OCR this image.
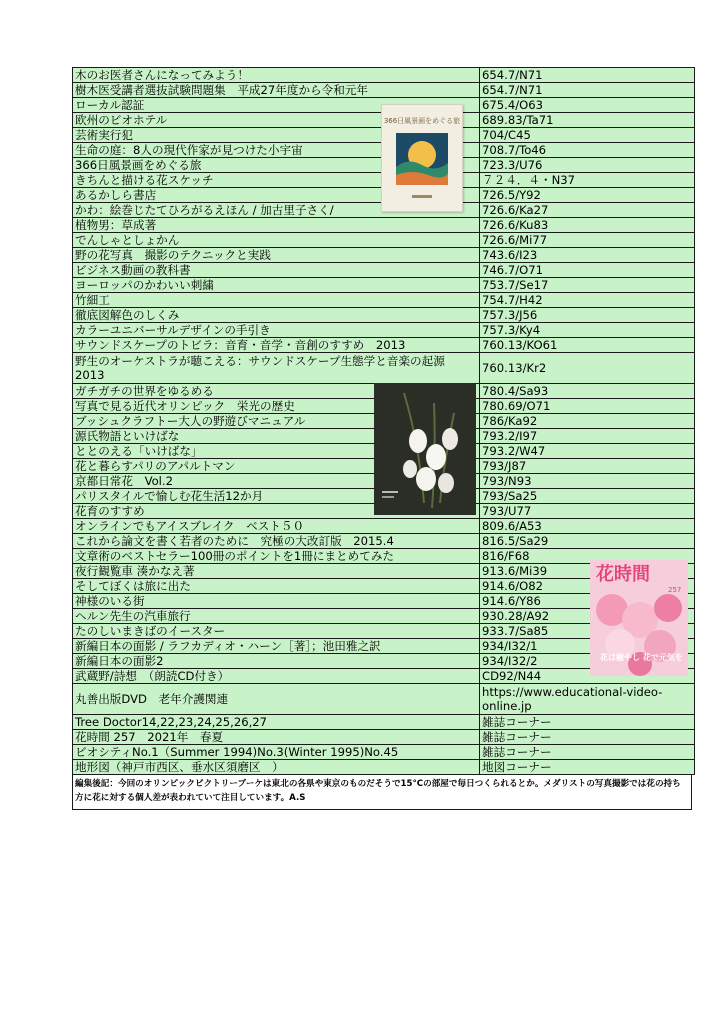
木のお医者さんになってみよう！	654.7/N71
樹木医受講者選抜試験問題集　平成27年度から令和元年	654.7/N71
ローカル認証	675.4/O63
欧州のビオホテル	689.83/Ta71
芸術実行犯	704/C45
生命の庭：8人の現代作家が見つけた小宇宙	708.7/To46
366日風景画をめぐる旅	723.3/U76
きちんと描ける花スケッチ	７２４．４・N37
あるかしら書店	726.5/Y92
かわ：絵巻じたてひろがるえほん / 加古里子さく/	726.6/Ka27
植物男：草成著	726.6/Ku83
でんしゃとしょかん	726.6/Mi77
野の花写真　撮影のテクニックと実践	743.6/I23
ビジネス動画の教科書	746.7/O71
ヨーロッパのかわいい刺繍	753.7/Se17
竹細工	754.7/H42
徹底図解色のしくみ	757.3/J56
カラーユニバーサルデザインの手引き	757.3/Ky4
サウンドスケープのトビラ：音育・音学・音創のすすめ　2013	760.13/KO61
野生のオーケストラが聴こえる：サウンドスケープ生態学と音楽の起源　2013	760.13/Kr2
ガチガチの世界をゆるめる	780.4/Sa93
写真で見る近代オリンピック　栄光の歴史	780.69/O71
ブッシュクラフトー大人の野遊びマニュアル	786/Ka92
源氏物語といけばな	793.2/I97
ととのえる「いけばな」	793.2/W47
花と暮らすパリのアパルトマン	793/J87
京都日常花　Vol.2	793/N93
パリスタイルで愉しむ花生活12か月	793/Sa25
花育のすすめ	793/U77
オンラインでもアイスブレイク　ベスト５０	809.6/A53
これから論文を書く若者のために　究極の大改訂版　2015.4	816.5/Sa29
文章術のベストセラー100冊のポイントを1冊にまとめてみた	816/F68
夜行観覧車 湊かなえ著	913.6/Mi39
そしてぼくは旅に出た	914.6/O82
神様のいる街	914.6/Y86
ヘルン先生の汽車旅行	930.28/A92
たのしいまきばのイースター	933.7/Sa85
新編日本の面影 / ラフカディオ・ハーン［著］；池田雅之訳	934/I32/1
新編日本の面影2	934/I32/2
武蔵野/詩想　（朗読CD付き）	CD92/N44
丸善出版DVD　老年介護関連	https://www.educational-video-online.jp
Tree Doctor14,22,23,24,25,26,27	雑誌コーナー
花時間 257　2021年　春夏	雑誌コーナー
ビオシティNo.1（Summer 1994)No.3(Winter 1995)No.45	雑誌コーナー
地形図（神戸市西区、垂水区須磨区　）	地図コーナー
編集後記：今回のオリンピックビクトリーブーケは東北の各県や東京のものだそうで15°Cの部屋で毎日つくられるとか。メダリストの写真撮影では花の持ち方に花に対する個人差が表われていて注目しています。A.S
366日風景画をめぐる旅
花時間
257
花は癒やし 花で元気を
